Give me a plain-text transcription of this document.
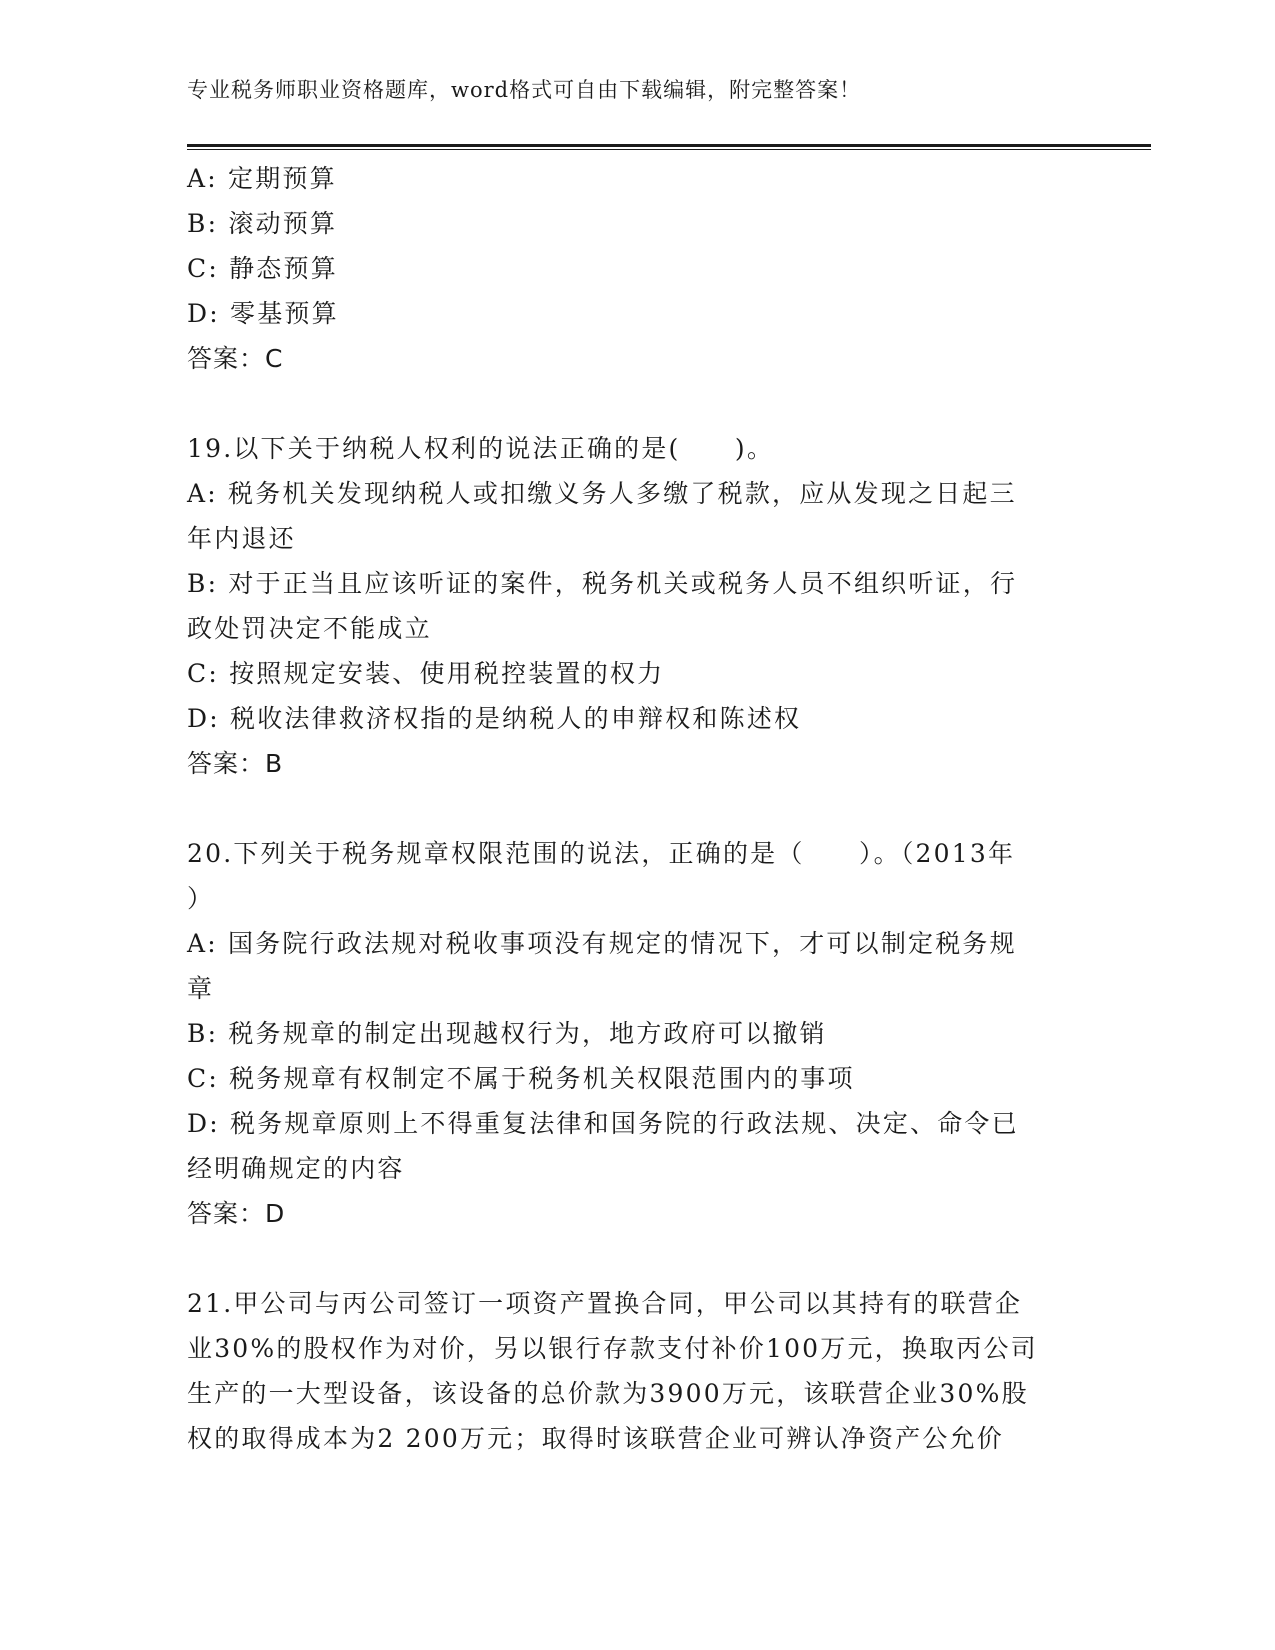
专业税务师职业资格题库，word格式可自由下载编辑，附完整答案！
A: 定期预算
B: 滚动预算
C: 静态预算
D: 零基预算
答案：C
19.以下关于纳税人权利的说法正确的是(　　)。
A: 税务机关发现纳税人或扣缴义务人多缴了税款，应从发现之日起三
年内退还
B: 对于正当且应该听证的案件，税务机关或税务人员不组织听证，行
政处罚决定不能成立
C: 按照规定安装、使用税控装置的权力
D: 税收法律救济权指的是纳税人的申辩权和陈述权
答案：B
20.下列关于税务规章权限范围的说法，正确的是（　　）。（2013年
）
A: 国务院行政法规对税收事项没有规定的情况下，才可以制定税务规
章
B: 税务规章的制定出现越权行为，地方政府可以撤销
C: 税务规章有权制定不属于税务机关权限范围内的事项
D: 税务规章原则上不得重复法律和国务院的行政法规、决定、命令已
经明确规定的内容
答案：D
21.甲公司与丙公司签订一项资产置换合同，甲公司以其持有的联营企
业30%的股权作为对价，另以银行存款支付补价100万元，换取丙公司
生产的一大型设备，该设备的总价款为3900万元，该联营企业30%股
权的取得成本为2 200万元；取得时该联营企业可辨认净资产公允价
